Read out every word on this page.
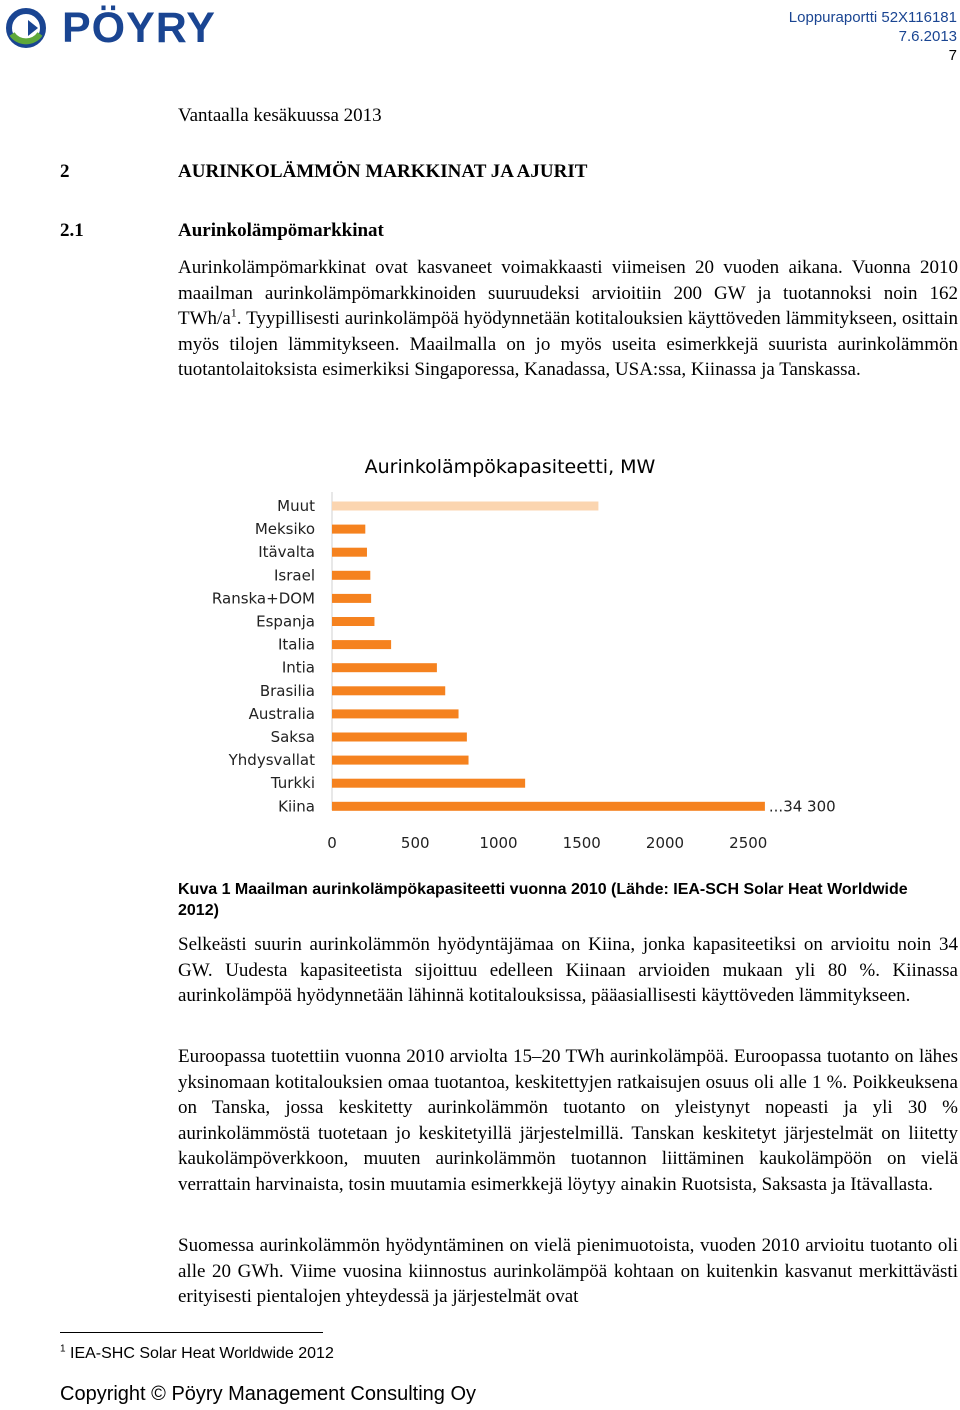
PÖYRY	Loppuraportti 52X116181
7.6.2013
7
Vantaalla kesäkuussa 2013
2	AURINKOLÄMMÖN MARKKINAT JA AJURIT
2.1	Aurinkolämpömarkkinat
Aurinkolämpömarkkinat ovat kasvaneet voimakkaasti viimeisen 20 vuoden aikana. Vuonna 2010 maailman aurinkolämpömarkkinoiden suuruudeksi arvioitiin 200 GW ja tuotannoksi noin 162 TWh/$a^1$. Tyypillisesti aurinkolämpöä hyödynnetään kotitalouksien käyttöveden lämmitykseen, osittain myös tilojen lämmitykseen. Maailmalla on jo myös useita esimerkkejä suurista aurinkolämmön tuotantolaitoksista esimerkiksi Singaporessa, Kanadassa, USA:ssa, Kiinassa ja Tanskassa.
Aurinkolämpökapasiteetti, MW
Muut
Meksiko
Itävalta
Israel
Ranska+DOM
Espanja
Italia
Intia
Brasilia
Australia
Saksa
Yhdysvallat
Turkki
Kiina	...34 300
0	500	1000	1500	2000	2500
Kuva 1 Maailman aurinkolämpökapasiteetti vuonna 2010 (Lähde: IEA-SCH Solar Heat Worldwide 2012)
Selkeästi suurin aurinkolämmön hyödyntäjämaa on Kiina, jonka kapasiteetiksi on arvioitu noin 34 GW. Uudesta kapasiteetista sijoittuu edelleen Kiinaan arvioiden mukaan yli 80 %. Kiinassa aurinkolämpöä hyödynnetään lähinnä kotitalouksissa, pääasiallisesti käyttöveden lämmitykseen.
Euroopassa tuotettiin vuonna 2010 arviolta 15–20 TWh aurinkolämpöä. Euroopassa tuotanto on lähes yksinomaan kotitalouksien omaa tuotantoa, keskitettyjen ratkaisujen osuus oli alle 1 %. Poikkeuksena on Tanska, jossa keskitetty aurinkolämmön tuotanto on yleistynyt nopeasti ja yli 30 % aurinkolämmöstä tuotetaan jo keskitetyillä järjestelmillä. Tanskan keskitetyt järjestelmät on liitetty kaukolämpöverkkoon, muuten aurinkolämmön tuotannon liittäminen kaukolämpöön on vielä verrattain harvinaista, tosin muutamia esimerkkejä löytyy ainakin Ruotsista, Saksasta ja Itävallasta.
Suomessa aurinkolämmön hyödyntäminen on vielä pienimuotoista, vuoden 2010 arvioitu tuotanto oli alle 20 GWh. Viime vuosina kiinnostus aurinkolämpöä kohtaan on kuitenkin kasvanut merkittävästi erityisesti pientalojen yhteydessä ja järjestelmät ovat
$^1$ IEA-SHC Solar Heat Worldwide 2012
Copyright © Pöyry Management Consulting Oy
